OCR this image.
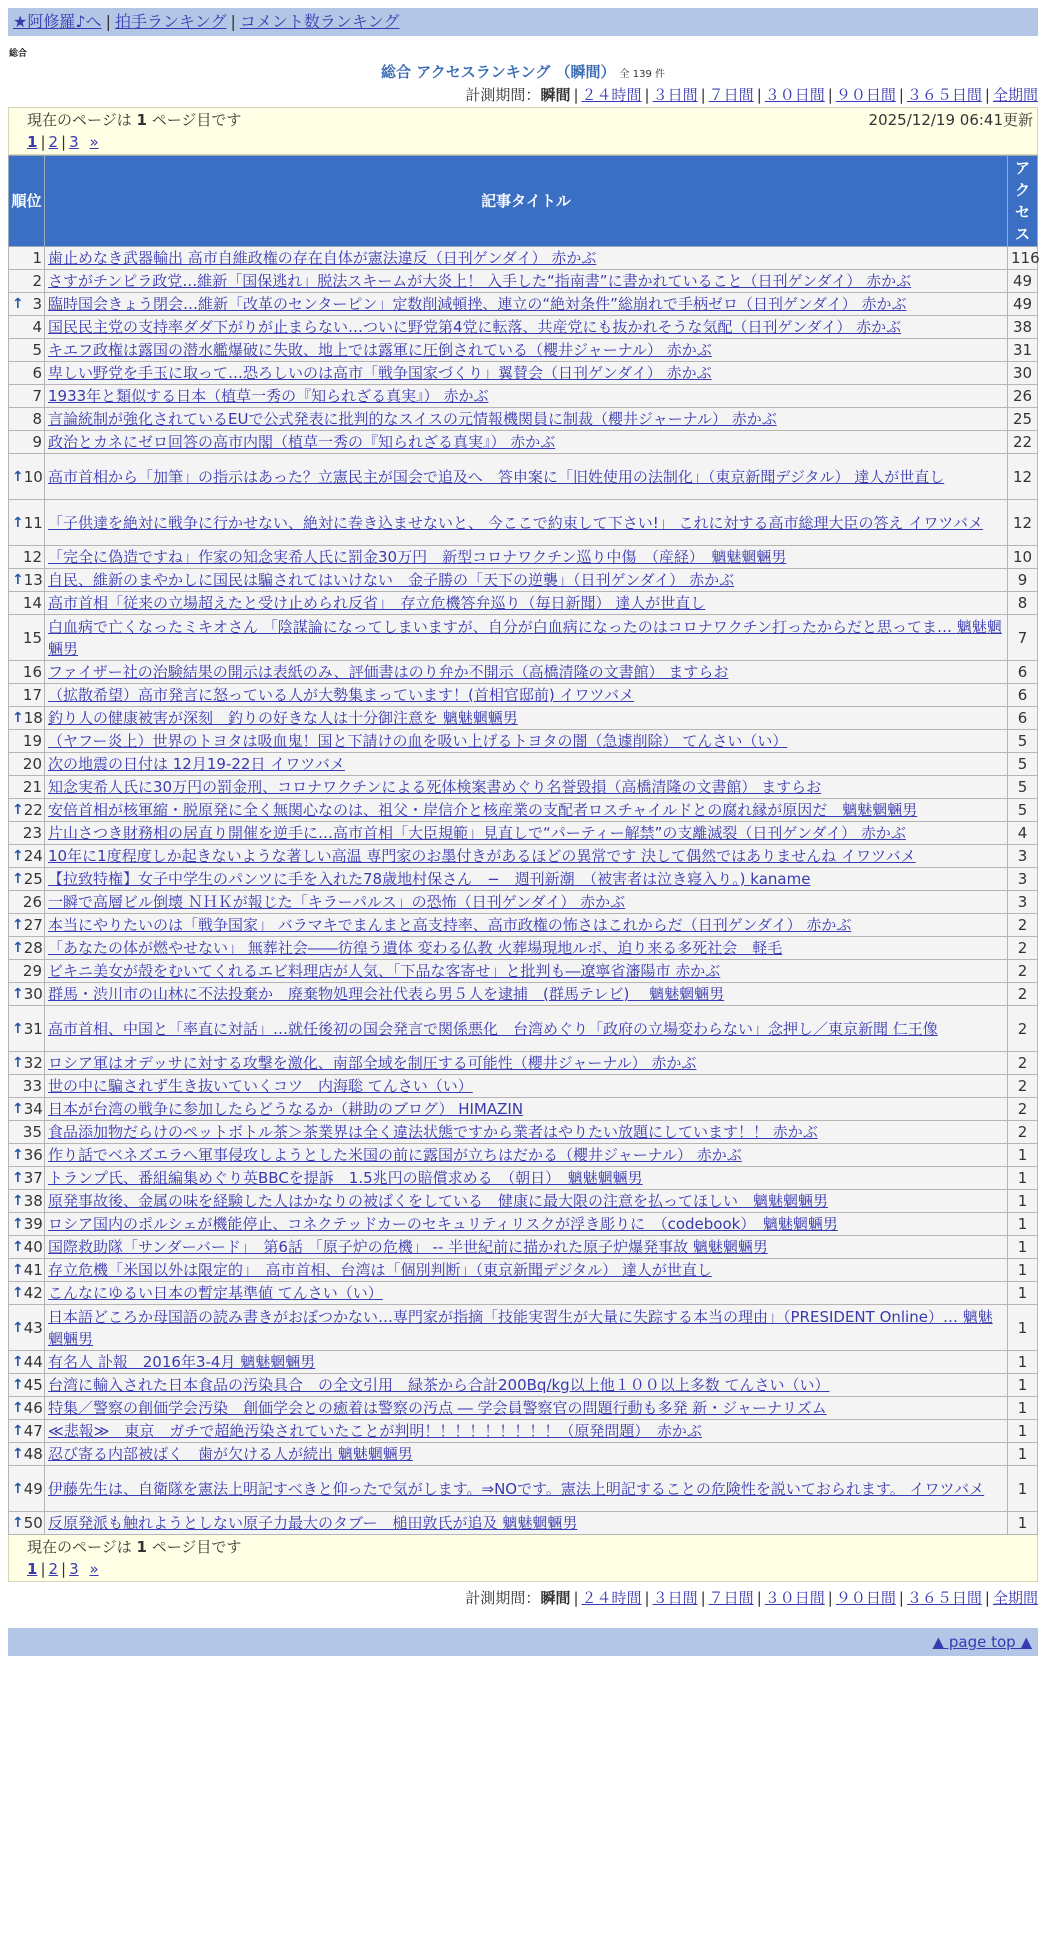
★阿修羅♪へ | 拍手ランキング | コメント数ランキング
総合
総合 アクセスランキング （瞬間） 全 139 件
計測期間：瞬間 | ２４時間 | ３日間 | ７日間 | ３０日間 | ９０日間 | ３６５日間 | 全期間
現在のページは 1 ページ目です	2025/12/19 06:41更新
1 | 2 | 3 »
順位	記事タイトル	アクセス
1	歯止めなき武器輸出 高市自維政権の存在自体が憲法違反（日刊ゲンダイ） 赤かぶ	116
2	さすがチンピラ政党…維新「国保逃れ」脱法スキームが大炎上！ 入手した“指南書”に書かれていること（日刊ゲンダイ） 赤かぶ	49

↑ 3	臨時国会きょう閉会…維新「改革のセンターピン」定数削減頓挫、連立の“絶対条件”総崩れで手柄ゼロ（日刊ゲンダイ） 赤かぶ	49
4	国民民主党の支持率ダダ下がりが止まらない…ついに野党第4党に転落、共産党にも抜かれそうな気配（日刊ゲンダイ） 赤かぶ	38
5	キエフ政権は露国の潜水艦爆破に失敗、地上では露軍に圧倒されている（櫻井ジャーナル） 赤かぶ	31
6	卑しい野党を手玉に取って…恐ろしいのは高市「戦争国家づくり」翼賛会（日刊ゲンダイ） 赤かぶ	30
7	1933年と類似する日本（植草一秀の『知られざる真実』） 赤かぶ	26
8	言論統制が強化されているEUで公式発表に批判的なスイスの元情報機関員に制裁（櫻井ジャーナル） 赤かぶ	25
9	政治とカネにゼロ回答の高市内閣（植草一秀の『知られざる真実』） 赤かぶ	22

↑ 10	高市首相から「加筆」の指示はあった？立憲民主が国会で追及へ　答申案に「旧姓使用の法制化」（東京新聞デジタル） 達人が世直し	12

↑ 11	「子供達を絶対に戦争に行かせない、絶対に巻き込ませないと、 今ここで約束して下さい!」 これに対する高市総理大臣の答え イワツバメ	12
12	「完全に偽造ですね」作家の知念実希人氏に罰金30万円　新型コロナワクチン巡り中傷　（産経）　魑魅魍魎男	10

↑ 13	自民、維新のまやかしに国民は騙されてはいけない　金子勝の「天下の逆襲」（日刊ゲンダイ） 赤かぶ	9
14	高市首相「従来の立場超えたと受け止められ反省」　存立危機答弁巡り（毎日新聞） 達人が世直し	8
15	白血病で亡くなったミキオさん 「陰謀論になってしまいますが、自分が白血病になったのはコロナワクチン打ったからだと思ってま… 魑魅魍魎男	7
16	ファイザー社の治験結果の開示は表紙のみ、評価書はのり弁か不開示（高橋清隆の文書館） ますらお	6
17	（拡散希望）高市発言に怒っている人が大勢集まっています！(首相官邸前) イワツバメ	6

↑ 18	釣り人の健康被害が深刻　釣りの好きな人は十分御注意を 魑魅魍魎男	6
19	（ヤフー炎上）世界のトヨタは吸血鬼！国と下請けの血を吸い上げるトヨタの闇（急遽削除） てんさい（い）	5
20	次の地震の日付は 12月19-22日 イワツバメ	5
21	知念実希人氏に30万円の罰金刑、コロナワクチンによる死体検案書めぐり名誉毀損（高橋清隆の文書館） ますらお	5

↑ 22	安倍首相が核軍縮・脱原発に全く無関心なのは、祖父・岸信介と核産業の支配者ロスチャイルドとの腐れ縁が原因だ　魑魅魍魎男	5
23	片山さつき財務相の居直り開催を逆手に…高市首相「大臣規範」見直しで“パーティー解禁”の支離滅裂（日刊ゲンダイ） 赤かぶ	4

↑ 24	10年に1度程度しか起きないような著しい高温 専門家のお墨付きがあるほどの異常です 決して偶然ではありませんね イワツバメ	3

↑ 25	【拉致特権】女子中学生のパンツに手を入れた78歳地村保さん　−　週刊新潮　（被害者は泣き寝入り。) kaname	3
26	一瞬で高層ビル倒壊 ＮＨＫが報じた「キラーパルス」の恐怖（日刊ゲンダイ） 赤かぶ	3

↑ 27	本当にやりたいのは「戦争国家」 バラマキでまんまと高支持率、高市政権の怖さはこれからだ（日刊ゲンダイ） 赤かぶ	2

↑ 28	「あなたの体が燃やせない」 無葬社会――彷徨う遺体 変わる仏教 火葬場現地ルポ、迫り来る多死社会　軽毛	2
29	ビキニ美女が殻をむいてくれるエビ料理店が人気、「下品な客寄せ」と批判も―遼寧省瀋陽市 赤かぶ	2

↑ 30	群馬・渋川市の山林に不法投棄か　廃棄物処理会社代表ら男５人を逮捕　(群馬テレビ)　 魑魅魍魎男	2

↑ 31	高市首相、中国と「率直に対話」…就任後初の国会発言で関係悪化　台湾めぐり「政府の立場変わらない」念押し／東京新聞 仁王像	2

↑ 32	ロシア軍はオデッサに対する攻撃を激化、南部全域を制圧する可能性（櫻井ジャーナル） 赤かぶ	2
33	世の中に騙されず生き抜いていくコツ　内海聡 てんさい（い）	2

↑ 34	日本が台湾の戦争に参加したらどうなるか（耕助のブログ） HIMAZIN	2
35	食品添加物だらけのペットボトル茶＞茶業界は全く違法状態ですから業者はやりたい放題にしています！！ 赤かぶ	2

↑ 36	作り話でベネズエラへ軍事侵攻しようとした米国の前に露国が立ちはだかる（櫻井ジャーナル） 赤かぶ	1

↑ 37	トランプ氏、番組編集めぐり英BBCを提訴　1.5兆円の賠償求める　（朝日）　魑魅魍魎男	1

↑ 38	原発事故後、金属の味を経験した人はかなりの被ばくをしている　健康に最大限の注意を払ってほしい　魑魅魍魎男	1

↑ 39	ロシア国内のポルシェが機能停止、コネクテッドカーのセキュリティリスクが浮き彫りに　（codebook）　魑魅魍魎男	1

↑ 40	国際救助隊「サンダーバード」　第6話 「原子炉の危機」 -- 半世紀前に描かれた原子炉爆発事故 魑魅魍魎男	1

↑ 41	存立危機「米国以外は限定的」　高市首相、台湾は「個別判断」（東京新聞デジタル） 達人が世直し	1

↑ 42	こんなにゆるい日本の暫定基準値 てんさい（い）	1

↑ 43	日本語どころか母国語の読み書きがおぼつかない…専門家が指摘「技能実習生が大量に失踪する本当の理由」（PRESIDENT Online）… 魑魅魍魎男	1

↑ 44	有名人 訃報　2016年3-4月 魑魅魍魎男	1

↑ 45	台湾に輸入された日本食品の汚染具合　の全文引用　緑茶から合計200Bq/kg以上他１００以上多数 てんさい（い）	1

↑ 46	特集／警察の創価学会汚染　創価学会との癒着は警察の汚点 ― 学会員警察官の問題行動も多発 新・ジャーナリズム	1

↑ 47	≪悲報≫　東京　ガチで超絶汚染されていたことが判明！！！！！！！！！（原発問題）　赤かぶ	1

↑ 48	忍び寄る内部被ばく　歯が欠ける人が続出 魑魅魍魎男	1

↑ 49	伊藤先生は、自衛隊を憲法上明記すべきと仰ったで気がします。⇒NOです。憲法上明記することの危険性を説いておられます。 イワツバメ	1

↑ 50	反原発派も触れようとしない原子力最大のタブー　槌田敦氏が追及 魑魅魍魎男	1
現在のページは 1 ページ目です
1 | 2 | 3 »
計測期間：瞬間 | ２４時間 | ３日間 | ７日間 | ３０日間 | ９０日間 | ３６５日間 | 全期間
▲ page top ▲
